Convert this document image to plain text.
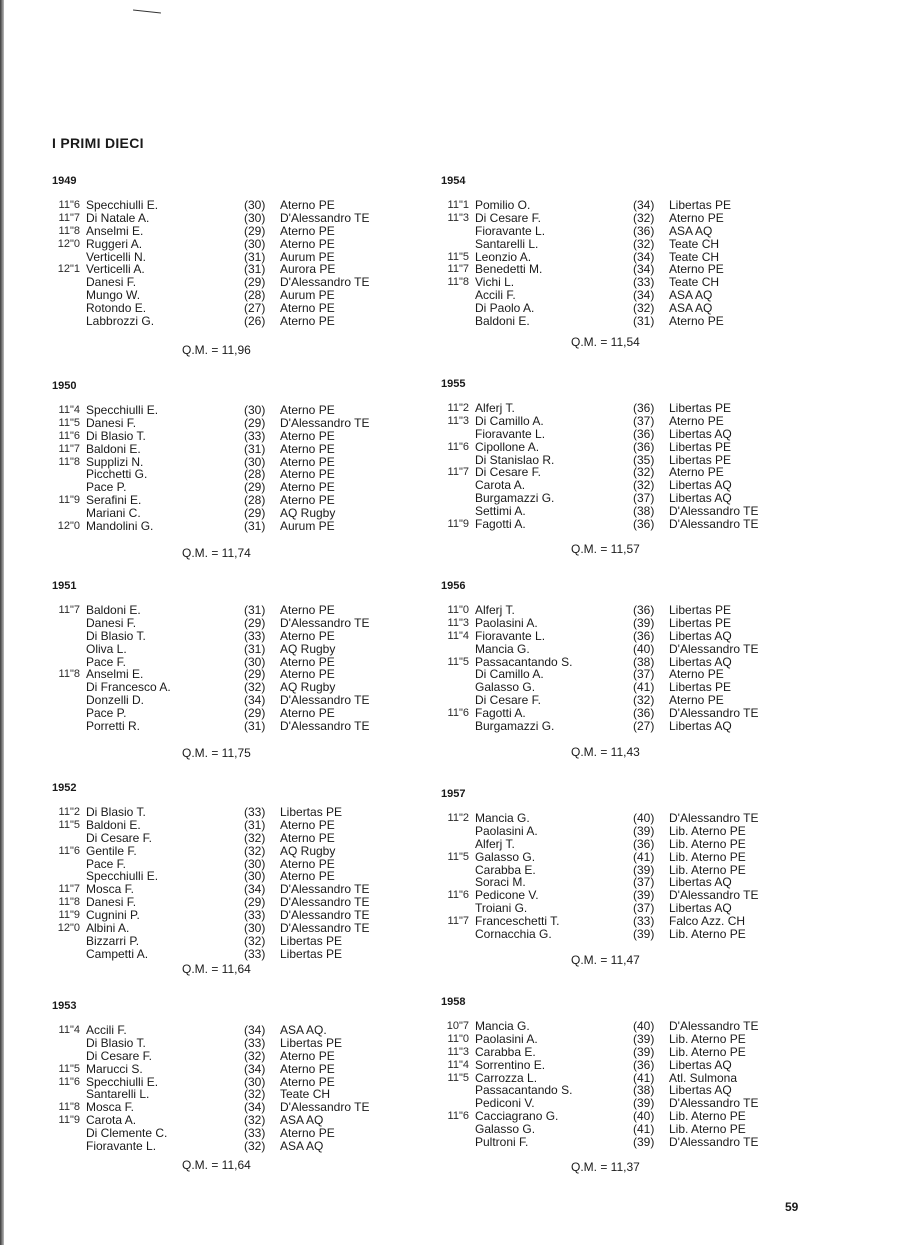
I PRIMI DIECI
1949
11"6 Specchiulli E.	(30) Aterno PE
11"7 Di Natale A.	(30) D'Alessandro TE
11"8 Anselmi E.	(29) Aterno PE
12"0 Ruggeri A.	(30) Aterno PE
Verticelli N.	(31) Aurum PE
12"1 Verticelli A.	(31) Aurora PE
Danesi F.	(29) D'Alessandro TE
Mungo W.	(28) Aurum PE
Rotondo E.	(27) Aterno PE
Labbrozzi G.	(26) Aterno PE
Q.M. = 11,96
1950
11"4 Specchiulli E.	(30) Aterno PE
11"5 Danesi F.	(29) D'Alessandro TE
11"6 Di Blasio T.	(33) Aterno PE
11"7 Baldoni E.	(31) Aterno PE
11"8 Supplizi N.	(30) Aterno PE
Picchetti G.	(28) Aterno PE
Pace P.	(29) Aterno PE
11"9 Serafini E.	(28) Aterno PE
Mariani C.	(29) AQ Rugby
12"0 Mandolini G.	(31) Aurum PE
Q.M. = 11,74
1951
11"7 Baldoni E.	(31) Aterno PE
Danesi F.	(29) D'Alessandro TE
Di Blasio T.	(33) Aterno PE
Oliva L.	(31) AQ Rugby
Pace F.	(30) Aterno PE
11"8 Anselmi E.	(29) Aterno PE
Di Francesco A.	(32) AQ Rugby
Donzelli D.	(34) D'Alessandro TE
Pace P.	(29) Aterno PE
Porretti R.	(31) D'Alessandro TE
Q.M. = 11,75
1952
11"2 Di Blasio T.	(33) Libertas PE
11"5 Baldoni E.	(31) Aterno PE
Di Cesare F.	(32) Aterno PE
11"6 Gentile F.	(32) AQ Rugby
Pace F.	(30) Aterno PE
Specchiulli E.	(30) Aterno PE
11"7 Mosca F.	(34) D'Alessandro TE
11"8 Danesi F.	(29) D'Alessandro TE
11"9 Cugnini P.	(33) D'Alessandro TE
12"0 Albini A.	(30) D'Alessandro TE
Bizzarri P.	(32) Libertas PE
Campetti A.	(33) Libertas PE
Q.M. = 11,64
1953
11"4 Accili F.	(34) ASA AQ.
Di Blasio T.	(33) Libertas PE
Di Cesare F.	(32) Aterno PE
11"5 Marucci S.	(34) Aterno PE
11"6 Specchiulli E.	(30) Aterno PE
Santarelli L.	(32) Teate CH
11"8 Mosca F.	(34) D'Alessandro TE
11"9 Carota A.	(32) ASA AQ
Di Clemente C.	(33) Aterno PE
Fioravante L.	(32) ASA AQ
Q.M. = 11,64
1954
11"1 Pomilio O.	(34) Libertas PE
11"3 Di Cesare F.	(32) Aterno PE
Fioravante L.	(36) ASA AQ
Santarelli L.	(32) Teate CH
11"5 Leonzio A.	(34) Teate CH
11"7 Benedetti M.	(34) Aterno PE
11"8 Vichi L.	(33) Teate CH
Accili F.	(34) ASA AQ
Di Paolo A.	(32) ASA AQ
Baldoni E.	(31) Aterno PE
Q.M. = 11,54
1955
11"2 Alferj T.	(36) Libertas PE
11"3 Di Camillo A.	(37) Aterno PE
Fioravante L.	(36) Libertas AQ
11"6 Cipollone A.	(36) Libertas PE
Di Stanislao R.	(35) Libertas PE
11"7 Di Cesare F.	(32) Aterno PE
Carota A.	(32) Libertas AQ
Burgamazzi G.	(37) Libertas AQ
Settimi A.	(38) D'Alessandro TE
11"9 Fagotti A.	(36) D'Alessandro TE
Q.M. = 11,57
1956
11"0 Alferj T.	(36) Libertas PE
11"3 Paolasini A.	(39) Libertas PE
11"4 Fioravante L.	(36) Libertas AQ
Mancia G.	(40) D'Alessandro TE
11"5 Passacantando S.	(38) Libertas AQ
Di Camillo A.	(37) Aterno PE
Galasso G.	(41) Libertas PE
Di Cesare F.	(32) Aterno PE
11"6 Fagotti A.	(36) D'Alessandro TE
Burgamazzi G.	(27) Libertas AQ
Q.M. = 11,43
1957
11"2 Mancia G.	(40) D'Alessandro TE
Paolasini A.	(39) Lib. Aterno PE
Alferj T.	(36) Lib. Aterno PE
11"5 Galasso G.	(41) Lib. Aterno PE
Carabba E.	(39) Lib. Aterno PE
Soraci M.	(37) Libertas AQ
11"6 Pedicone V.	(39) D'Alessandro TE
Troiani G.	(37) Libertas AQ
11"7 Franceschetti T.	(33) Falco Azz. CH
Cornacchia G.	(39) Lib. Aterno PE
Q.M. = 11,47
1958
10"7 Mancia G.	(40) D'Alessandro TE
11"0 Paolasini A.	(39) Lib. Aterno PE
11"3 Carabba E.	(39) Lib. Aterno PE
11"4 Sorrentino E.	(36) Libertas AQ
11"5 Carrozza L.	(41) Atl. Sulmona
Passacantando S.	(38) Libertas AQ
Pediconi V.	(39) D'Alessandro TE
11"6 Cacciagrano G.	(40) Lib. Aterno PE
Galasso G.	(41) Lib. Aterno PE
Pultroni F.	(39) D'Alessandro TE
Q.M. = 11,37
59
